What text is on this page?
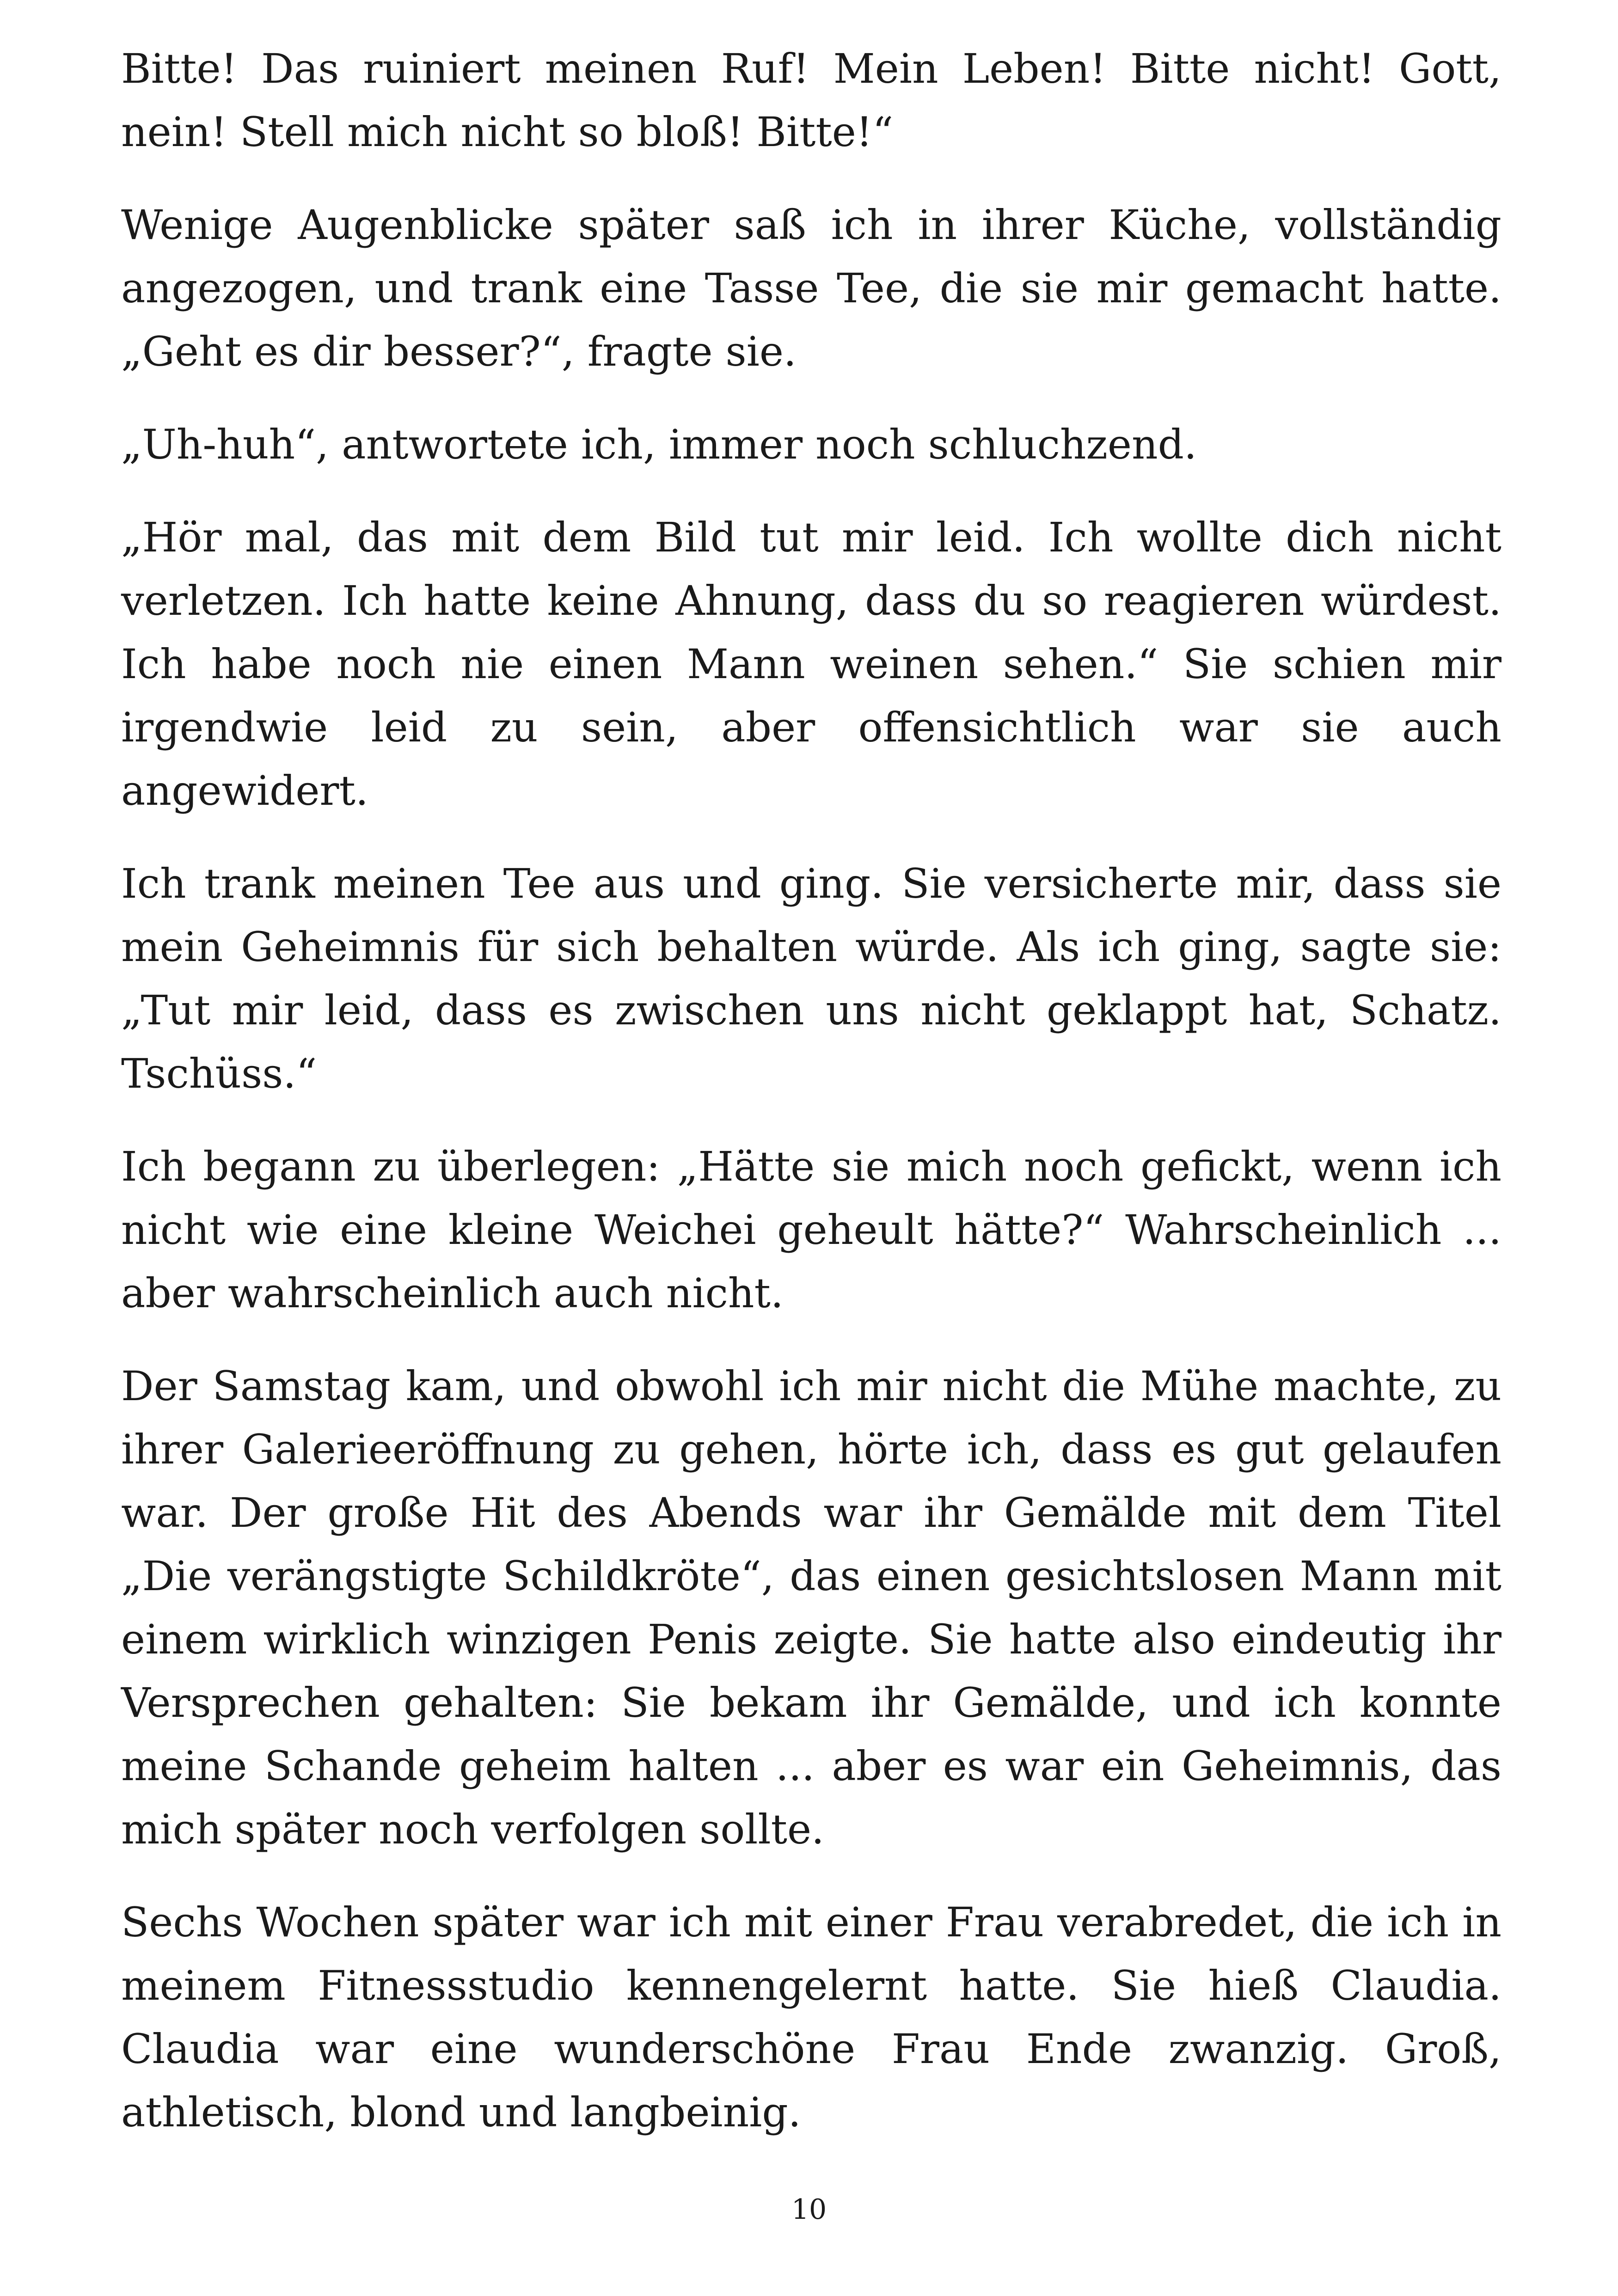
Bitte! Das ruiniert meinen Ruf! Mein Leben! Bitte nicht! Gott, nein! Stell mich nicht so bloß! Bitte!“

Wenige Augenblicke später saß ich in ihrer Küche, vollständig angezogen, und trank eine Tasse Tee, die sie mir gemacht hatte. „Geht es dir besser?“, fragte sie.

„Uh-huh“, antwortete ich, immer noch schluchzend.

„Hör mal, das mit dem Bild tut mir leid. Ich wollte dich nicht verletzen. Ich hatte keine Ahnung, dass du so reagieren würdest. Ich habe noch nie einen Mann weinen sehen.“ Sie schien mir irgendwie leid zu sein, aber offensichtlich war sie auch angewidert.

Ich trank meinen Tee aus und ging. Sie versicherte mir, dass sie mein Geheimnis für sich behalten würde. Als ich ging, sagte sie: „Tut mir leid, dass es zwischen uns nicht geklappt hat, Schatz. Tschüss.“

Ich begann zu überlegen: „Hätte sie mich noch gefickt, wenn ich nicht wie eine kleine Weichei geheult hätte?“ Wahrscheinlich ... aber wahrscheinlich auch nicht.

Der Samstag kam, und obwohl ich mir nicht die Mühe machte, zu ihrer Galerieeröffnung zu gehen, hörte ich, dass es gut gelaufen war. Der große Hit des Abends war ihr Gemälde mit dem Titel „Die verängstigte Schildkröte“, das einen gesichtslosen Mann mit einem wirklich winzigen Penis zeigte. Sie hatte also eindeutig ihr Versprechen gehalten: Sie bekam ihr Gemälde, und ich konnte meine Schande geheim halten ... aber es war ein Geheimnis, das mich später noch verfolgen sollte.

Sechs Wochen später war ich mit einer Frau verabredet, die ich in meinem Fitnessstudio kennengelernt hatte. Sie hieß Claudia. Claudia war eine wunderschöne Frau Ende zwanzig. Groß, athletisch, blond und langbeinig.

10
